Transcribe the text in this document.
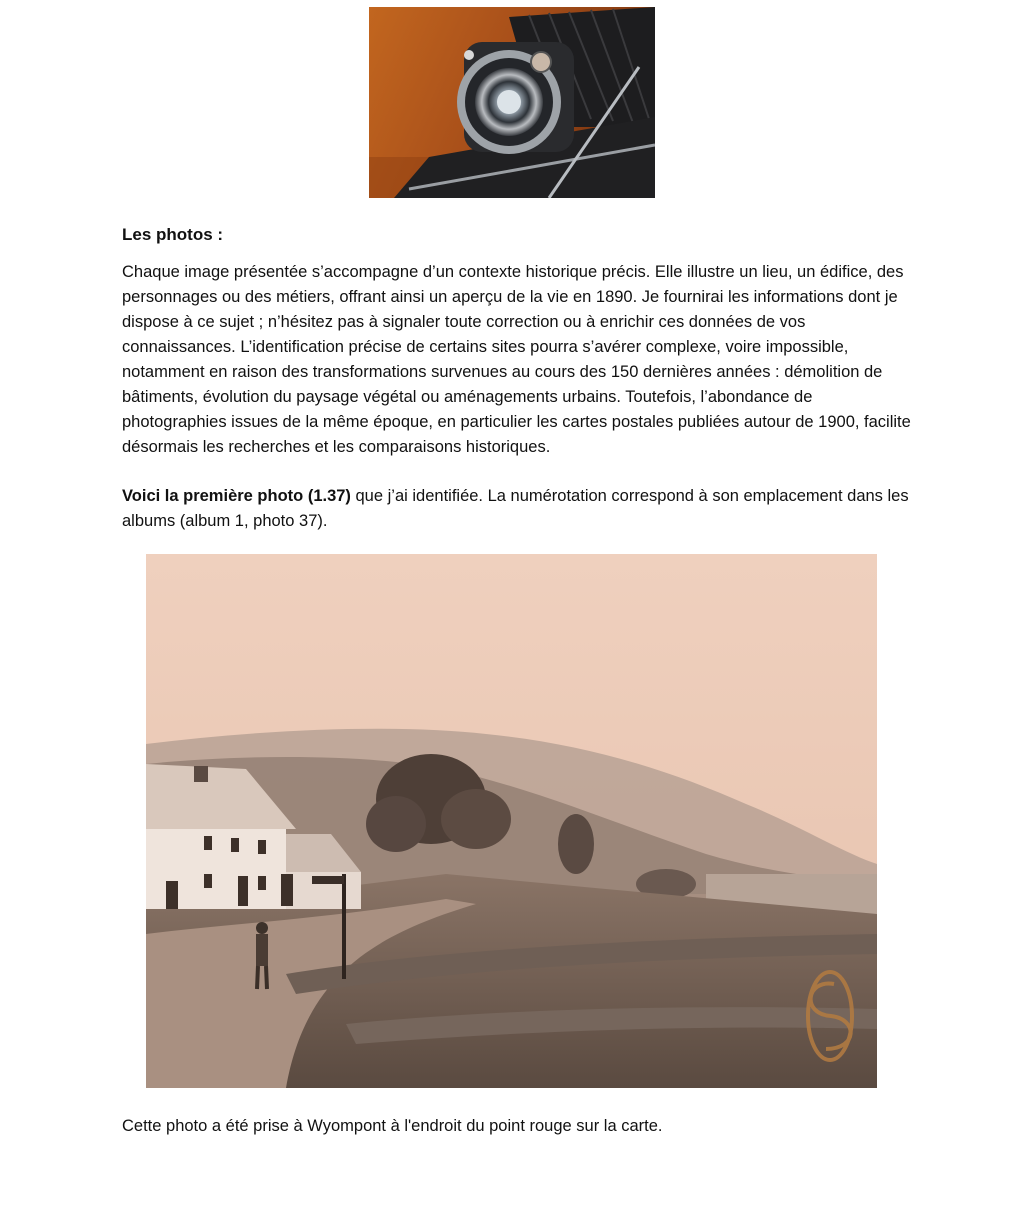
Les photos :

Chaque image présentée s’accompagne d’un contexte historique précis. Elle illustre un lieu, un édifice, des personnages ou des métiers, offrant ainsi un aperçu de la vie en 1890. Je fournirai les informations dont je dispose à ce sujet ; n’hésitez pas à signaler toute correction ou à enrichir ces données de vos connaissances. L’identification précise de certains sites pourra s’avérer complexe, voire impossible, notamment en raison des transformations survenues au cours des 150 dernières années : démolition de bâtiments, évolution du paysage végétal ou aménagements urbains. Toutefois, l’abondance de photographies issues de la même époque, en particulier les cartes postales publiées autour de 1900, facilite désormais les recherches et les comparaisons historiques.

Voici la première photo (1.37) que j’ai identifiée. La numérotation correspond à son emplacement dans les albums (album 1, photo 37).

Cette photo a été prise à Wyompont à l'endroit du point rouge sur la carte.
